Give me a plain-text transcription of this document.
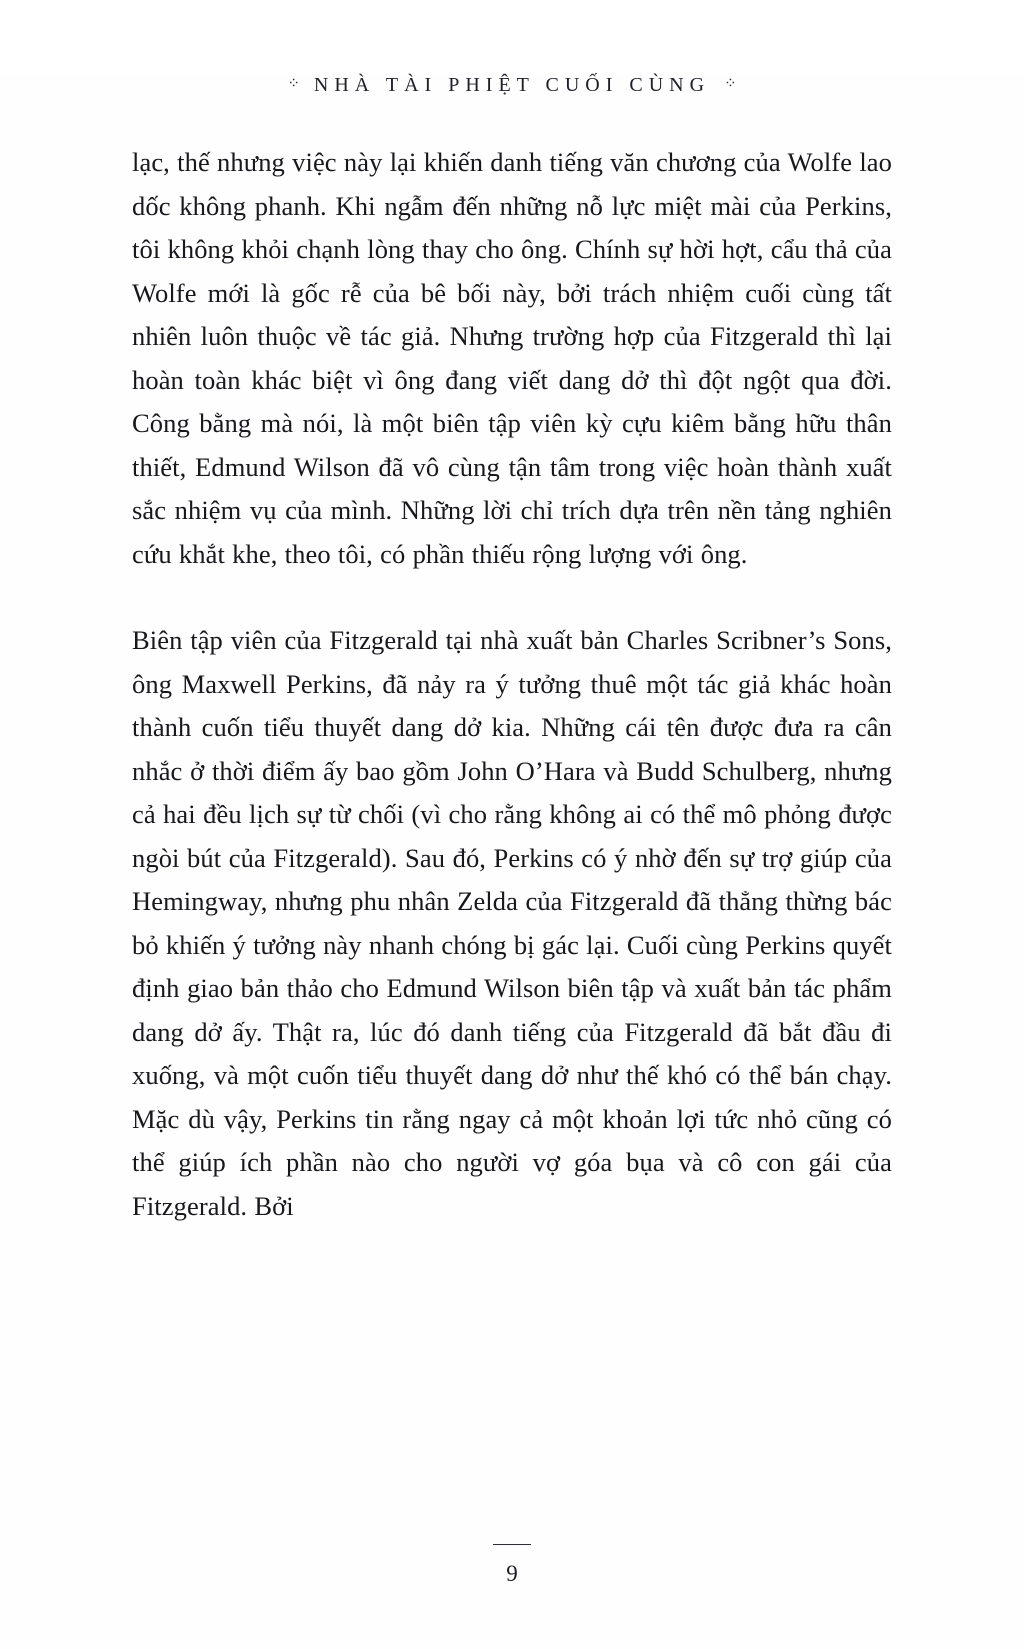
⁘ NHÀ TÀI PHIỆT CUỐI CÙNG ⁘

lạc, thế nhưng việc này lại khiến danh tiếng văn chương của Wolfe lao dốc không phanh. Khi ngẫm đến những nỗ lực miệt mài của Perkins, tôi không khỏi chạnh lòng thay cho ông. Chính sự hời hợt, cẩu thả của Wolfe mới là gốc rễ của bê bối này, bởi trách nhiệm cuối cùng tất nhiên luôn thuộc về tác giả. Nhưng trường hợp của Fitzgerald thì lại hoàn toàn khác biệt vì ông đang viết dang dở thì đột ngột qua đời. Công bằng mà nói, là một biên tập viên kỳ cựu kiêm bằng hữu thân thiết, Edmund Wilson đã vô cùng tận tâm trong việc hoàn thành xuất sắc nhiệm vụ của mình. Những lời chỉ trích dựa trên nền tảng nghiên cứu khắt khe, theo tôi, có phần thiếu rộng lượng với ông.

Biên tập viên của Fitzgerald tại nhà xuất bản Charles Scribner’s Sons, ông Maxwell Perkins, đã nảy ra ý tưởng thuê một tác giả khác hoàn thành cuốn tiểu thuyết dang dở kia. Những cái tên được đưa ra cân nhắc ở thời điểm ấy bao gồm John O’Hara và Budd Schulberg, nhưng cả hai đều lịch sự từ chối (vì cho rằng không ai có thể mô phỏng được ngòi bút của Fitzgerald). Sau đó, Perkins có ý nhờ đến sự trợ giúp của Hemingway, nhưng phu nhân Zelda của Fitzgerald đã thẳng thừng bác bỏ khiến ý tưởng này nhanh chóng bị gác lại. Cuối cùng Perkins quyết định giao bản thảo cho Edmund Wilson biên tập và xuất bản tác phẩm dang dở ấy. Thật ra, lúc đó danh tiếng của Fitzgerald đã bắt đầu đi xuống, và một cuốn tiểu thuyết dang dở như thế khó có thể bán chạy. Mặc dù vậy, Perkins tin rằng ngay cả một khoản lợi tức nhỏ cũng có thể giúp ích phần nào cho người vợ góa bụa và cô con gái của Fitzgerald. Bởi

9
